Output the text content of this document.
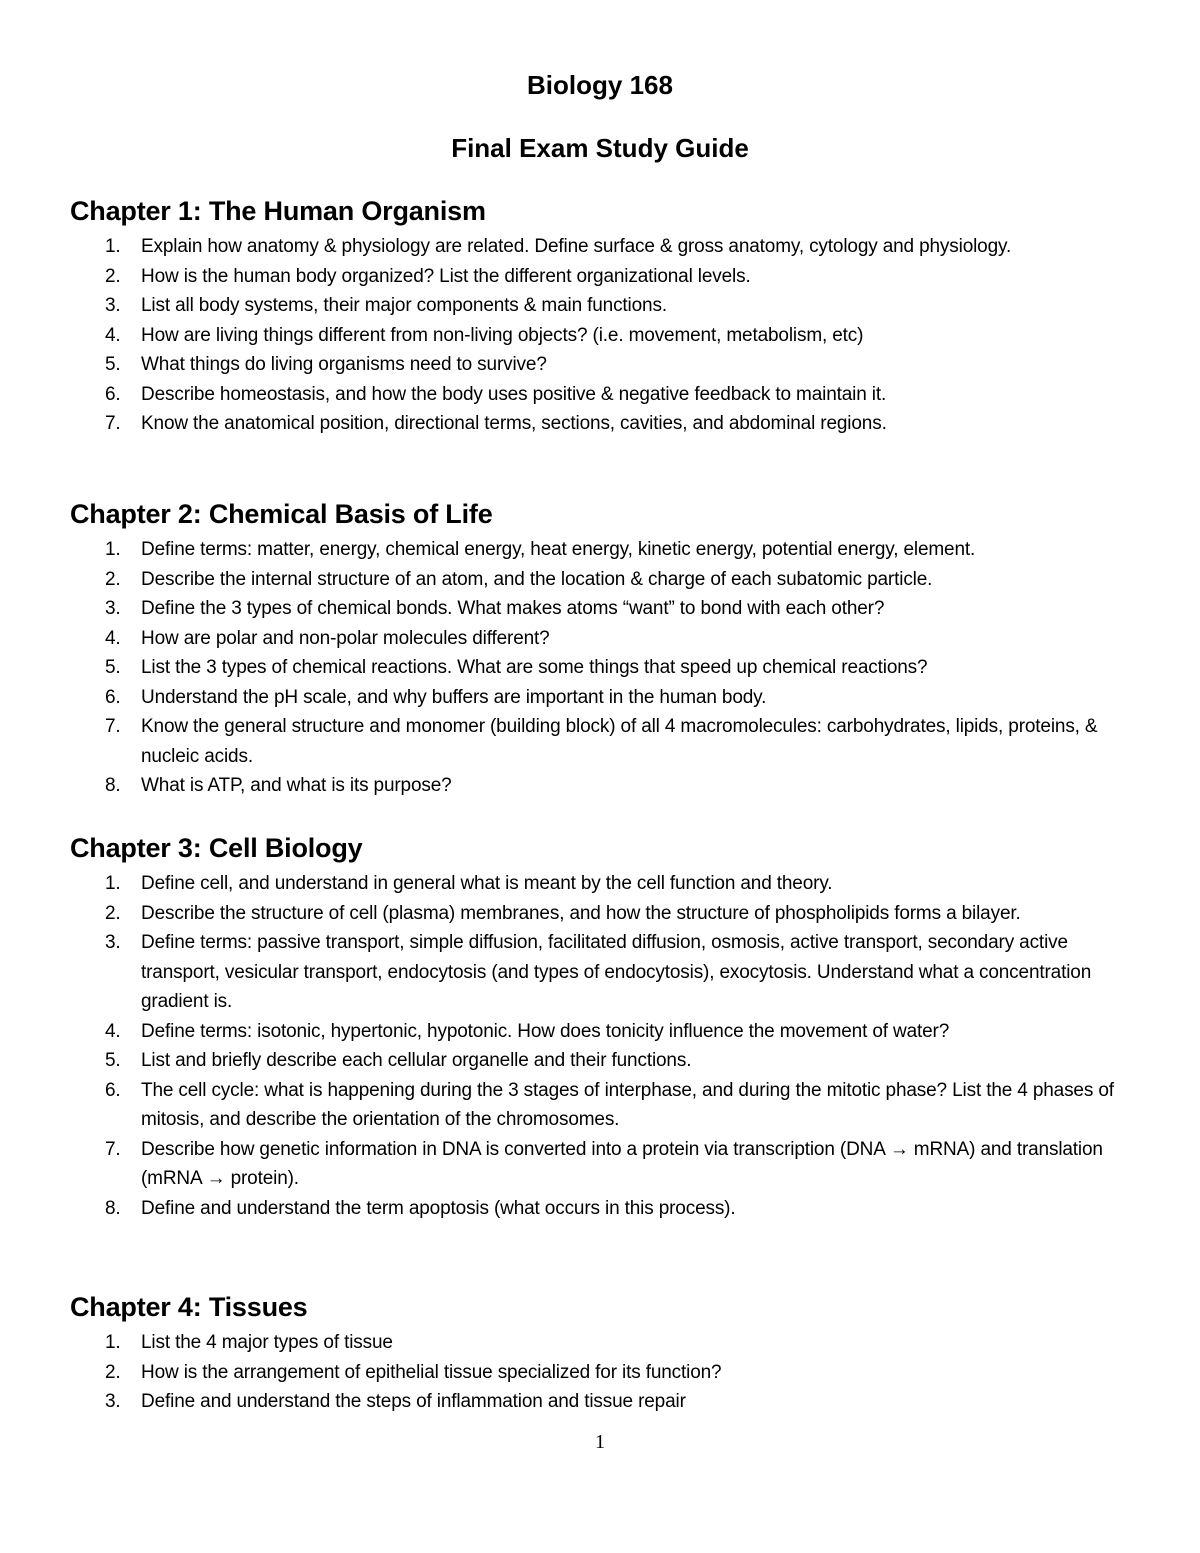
Biology 168
Final Exam Study Guide
Chapter 1: The Human Organism
1. Explain how anatomy & physiology are related. Define surface & gross anatomy, cytology and physiology.
2. How is the human body organized? List the different organizational levels.
3. List all body systems, their major components & main functions.
4. How are living things different from non-living objects? (i.e. movement, metabolism, etc)
5. What things do living organisms need to survive?
6. Describe homeostasis, and how the body uses positive & negative feedback to maintain it.
7. Know the anatomical position, directional terms, sections, cavities, and abdominal regions.
Chapter 2: Chemical Basis of Life
1. Define terms: matter, energy, chemical energy, heat energy, kinetic energy, potential energy, element.
2. Describe the internal structure of an atom, and the location & charge of each subatomic particle.
3. Define the 3 types of chemical bonds. What makes atoms “want” to bond with each other?
4. How are polar and non-polar molecules different?
5. List the 3 types of chemical reactions. What are some things that speed up chemical reactions?
6. Understand the pH scale, and why buffers are important in the human body.
7. Know the general structure and monomer (building block) of all 4 macromolecules: carbohydrates, lipids, proteins, & nucleic acids.
8. What is ATP, and what is its purpose?
Chapter 3: Cell Biology
1. Define cell, and understand in general what is meant by the cell function and theory.
2. Describe the structure of cell (plasma) membranes, and how the structure of phospholipids forms a bilayer.
3. Define terms: passive transport, simple diffusion, facilitated diffusion, osmosis, active transport, secondary active transport, vesicular transport, endocytosis (and types of endocytosis), exocytosis. Understand what a concentration gradient is.
4. Define terms: isotonic, hypertonic, hypotonic. How does tonicity influence the movement of water?
5. List and briefly describe each cellular organelle and their functions.
6. The cell cycle: what is happening during the 3 stages of interphase, and during the mitotic phase? List the 4 phases of mitosis, and describe the orientation of the chromosomes.
7. Describe how genetic information in DNA is converted into a protein via transcription (DNA → mRNA) and translation (mRNA → protein).
8. Define and understand the term apoptosis (what occurs in this process).
Chapter 4: Tissues
1. List the 4 major types of tissue
2. How is the arrangement of epithelial tissue specialized for its function?
3. Define and understand the steps of inflammation and tissue repair
1
